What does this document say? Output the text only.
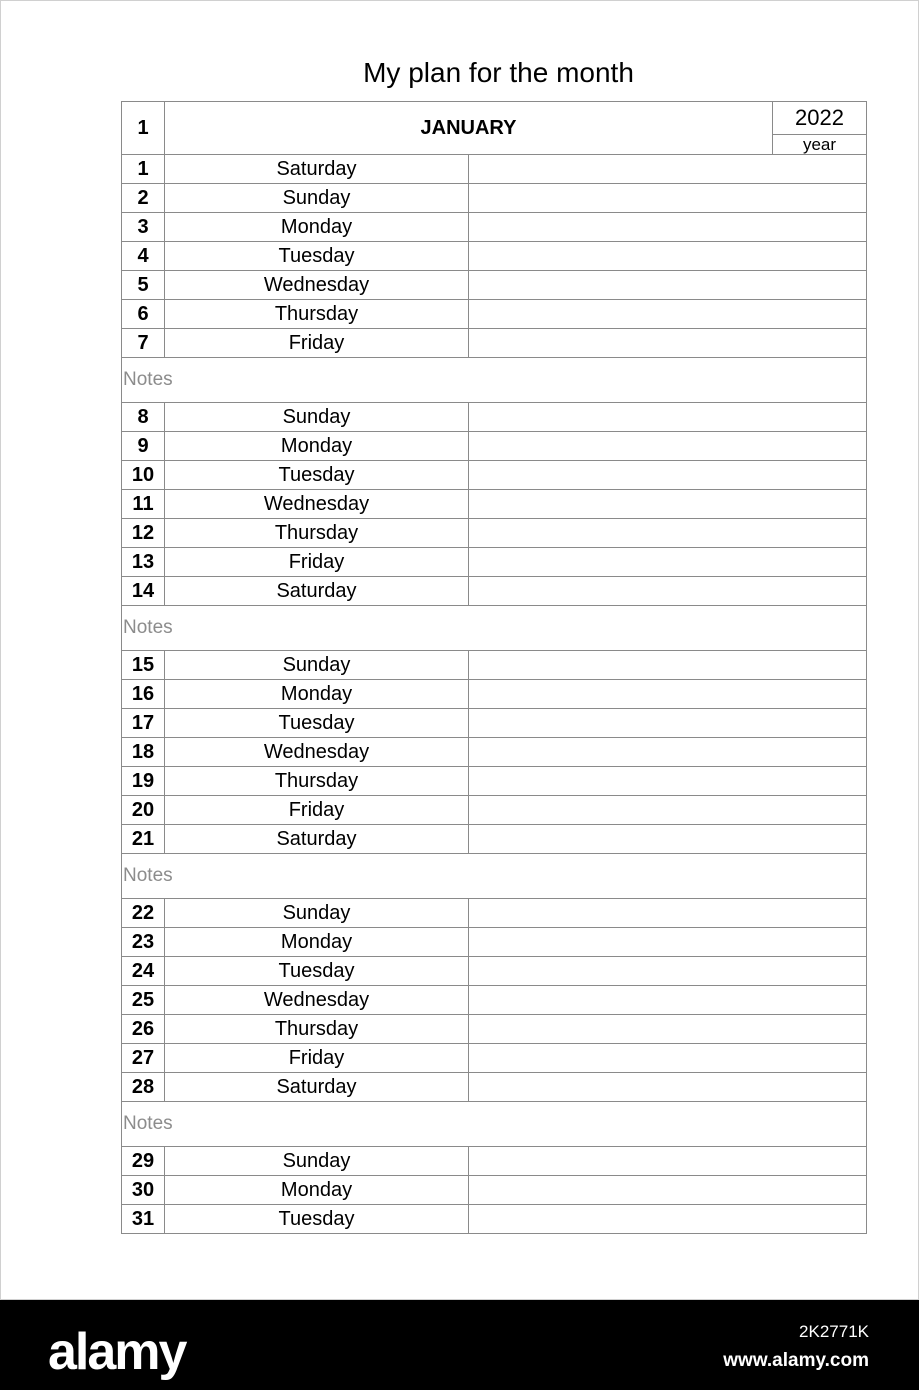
My plan for the month
1	JANUARY		2022
year

1	Saturday		
2	Sunday		
3	Monday		
4	Tuesday		
5	Wednesday		
6	Thursday		
7	Friday		
Notes			
8	Sunday		
9	Monday		
10	Tuesday		
11	Wednesday		
12	Thursday		
13	Friday		
14	Saturday		
Notes			
15	Sunday		
16	Monday		
17	Tuesday		
18	Wednesday		
19	Thursday		
20	Friday		
21	Saturday		
Notes			
22	Sunday		
23	Monday		
24	Tuesday		
25	Wednesday		
26	Thursday		
27	Friday		
28	Saturday		
Notes			
29	Sunday		
30	Monday		
31	Tuesday		
alamy	2K2771K
www.alamy.com
